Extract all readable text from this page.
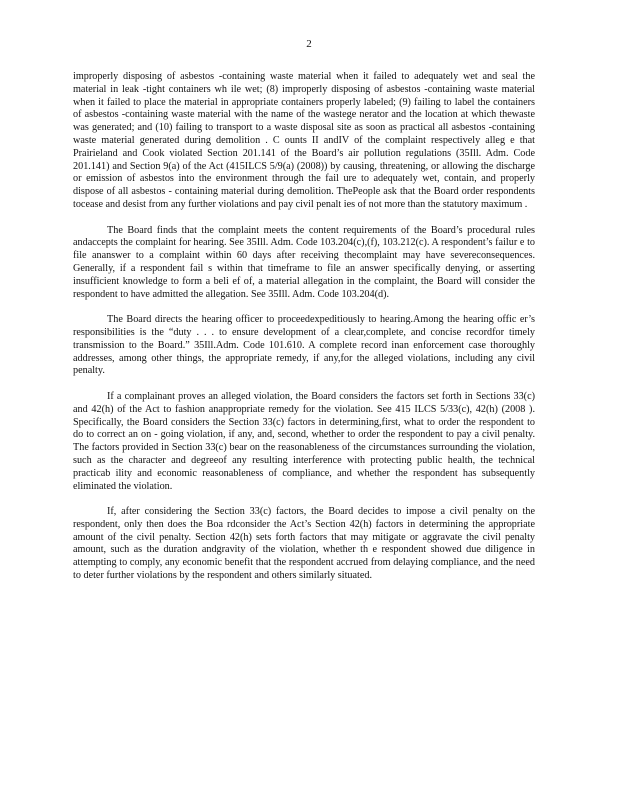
2

improperly disposing of asbestos -containing waste material when it failed to adequately wet and seal the material in leak -tight containers wh ile wet; (8) improperly disposing of asbestos -containing waste material when it failed to place the material in appropriate containers properly labeled; (9) failing to label the containers of asbestos -containing waste material with the name of the wastege nerator and the location at which thewaste was generated; and (10) failing to transport to a waste disposal site as soon as practical all asbestos -containing waste material generated during demolition . C ounts II andIV of the complaint respectively alleg e that Prairieland and Cook violated Section 201.141 of the Board’s air pollution regulations (35Ill. Adm. Code 201.141) and Section 9(a) of the Act (415ILCS 5/9(a) (2008)) by causing, threatening, or allowing the discharge or emission of asbestos into the environment through the fail ure to adequately wet, contain, and properly dispose of all asbestos - containing material during demolition. ThePeople ask that the Board order respondents tocease and desist from any further violations and pay civil penalt ies of not more than the statutory maximum .

The Board finds that the complaint meets the content requirements of the Board’s procedural rules andaccepts the complaint for hearing. See 35Ill. Adm. Code 103.204(c),(f), 103.212(c). A respondent’s failur e to file ananswer to a complaint within 60 days after receiving thecomplaint may have severeconsequences. Generally, if a respondent fail s within that timeframe to file an answer specifically denying, or asserting insufficient knowledge to form a beli ef of, a material allegation in the complaint, the Board will consider the respondent to have admitted the allegation. See 35Ill. Adm. Code 103.204(d).

The Board directs the hearing officer to proceedexpeditiously to hearing.Among the hearing offic er’s responsibilities is the “duty . . . to ensure development of a clear,complete, and concise recordfor timely transmission to the Board.” 35Ill.Adm. Code 101.610. A complete record inan enforcement case thoroughly addresses, among other things, the appropriate remedy, if any,for the alleged violations, including any civil penalty.

If a complainant proves an alleged violation, the Board considers the factors set forth in Sections 33(c) and 42(h) of the Act to fashion anappropriate remedy for the violation. See 415 ILCS 5/33(c), 42(h) (2008 ). Specifically, the Board considers the Section 33(c) factors in determining,first, what to order the respondent to do to correct an on - going violation, if any, and, second, whether to order the respondent to pay a civil penalty. The factors provided in Section 33(c) bear on the reasonableness of the circumstances surrounding the violation, such as the character and degreeof any resulting interference with protecting public health, the technical practicab ility and economic reasonableness of compliance, and whether the respondent has subsequently eliminated the violation.

If, after considering the Section 33(c) factors, the Board decides to impose a civil penalty on the respondent, only then does the Boa rdconsider the Act’s Section 42(h) factors in determining the appropriate amount of the civil penalty. Section 42(h) sets forth factors that may mitigate or aggravate the civil penalty amount, such as the duration andgravity of the violation, whether th e respondent showed due diligence in attempting to comply, any economic benefit that the respondent accrued from delaying compliance, and the need to deter further violations by the respondent and others similarly situated.
